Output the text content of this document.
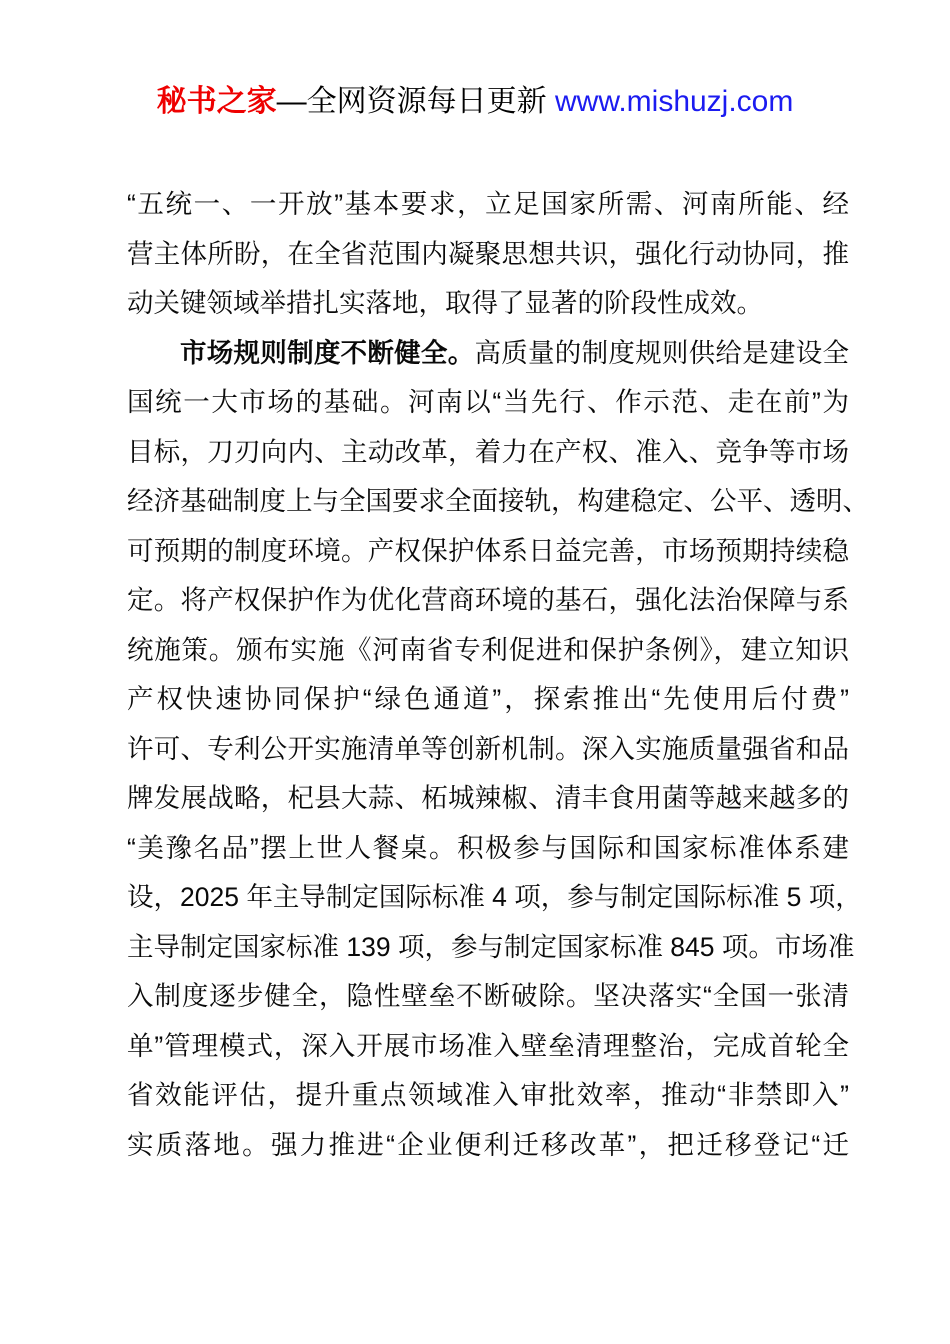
秘书之家—全网资源每日更新 www.mishuzj.com
“五统一、一开放”基本要求，立足国家所需、河南所能、经
营主体所盼，在全省范围内凝聚思想共识，强化行动协同，推
动关键领域举措扎实落地，取得了显著的阶段性成效。
市场规则制度不断健全。高质量的制度规则供给是建设全
国统一大市场的基础。河南以“当先行、作示范、走在前”为
目标，刀刃向内、主动改革，着力在产权、准入、竞争等市场
经济基础制度上与全国要求全面接轨，构建稳定、公平、透明、
可预期的制度环境。产权保护体系日益完善，市场预期持续稳
定。将产权保护作为优化营商环境的基石，强化法治保障与系
统施策。颁布实施《河南省专利促进和保护条例》，建立知识
产权快速协同保护“绿色通道”，探索推出“先使用后付费”
许可、专利公开实施清单等创新机制。深入实施质量强省和品
牌发展战略，杞县大蒜、柘城辣椒、清丰食用菌等越来越多的
“美豫名品”摆上世人餐桌。积极参与国际和国家标准体系建
设，2025 年主导制定国际标准 4 项，参与制定国际标准 5 项，
主导制定国家标准 139 项，参与制定国家标准 845 项。市场准
入制度逐步健全，隐性壁垒不断破除。坚决落实“全国一张清
单”管理模式，深入开展市场准入壁垒清理整治，完成首轮全
省效能评估，提升重点领域准入审批效率，推动“非禁即入”
实质落地。强力推进“企业便利迁移改革”，把迁移登记“迁
